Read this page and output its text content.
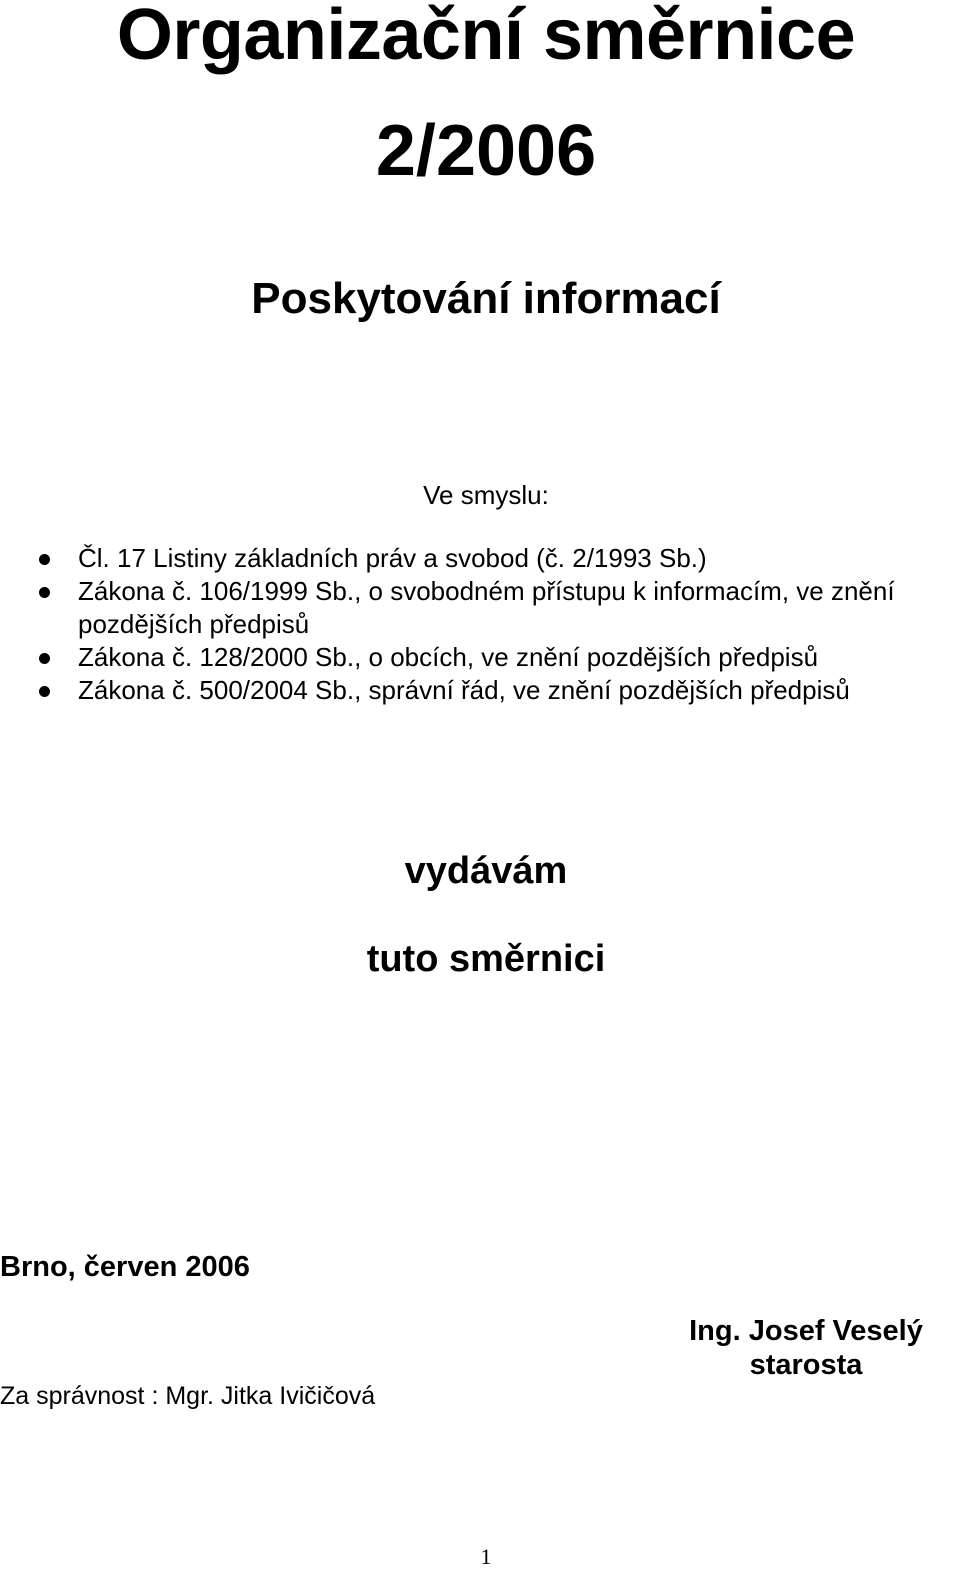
Organizační směrnice
2/2006
Poskytování informací

Ve smyslu:

Čl. 17 Listiny základních práv a svobod (č. 2/1993 Sb.)
Zákona č. 106/1999 Sb., o svobodném přístupu k informacím, ve znění pozdějších předpisů
Zákona č. 128/2000 Sb., o obcích, ve znění pozdějších předpisů
Zákona č. 500/2004 Sb., správní řád, ve znění pozdějších předpisů
vydávám
tuto směrnici
Brno, červen 2006
Ing. Josef Veselý
starosta
Za správnost : Mgr. Jitka Ivičičová
1
